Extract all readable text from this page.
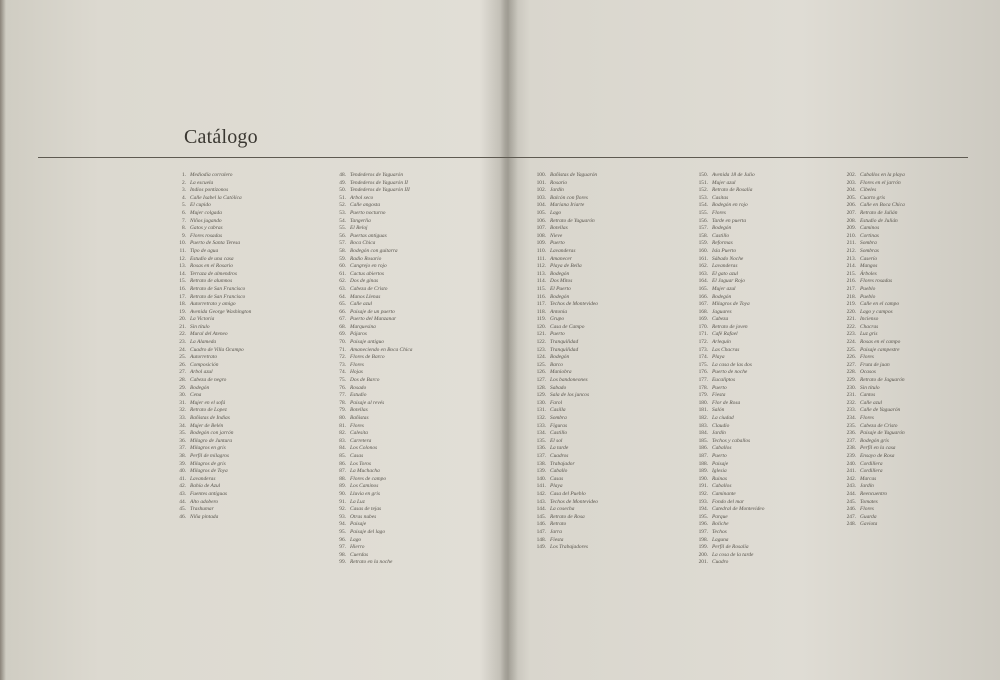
Catálogo
1. Mediodía corralero
2. La escuela
3. Indios pontizonos
4. Calle Isabel la Católica
5. El cupido
6. Mujer colgada
7. Niños jugando
8. Gatos y cabras
9. Flores rosadas
10. Puerto de Santa Teresa
11. Tipo de agua
12. Estudio de una casa
13. Rosas en el Rosario
14. Terraza de almendros
15. Retrato de alumnos
16. Retrato de San Francisco
17. Retrato de San Francisco
18. Autorretrato y amigo
19. Avenida George Washington
20. La Victoria
21. Sin título
22. Mural del Ateneo
23. La Alameda
24. Cuadro de Villa Ocampo
25. Autorretrato
26. Composición
27. Arbol azul
28. Cabeza de negro
29. Bodegón
30. Cena
31. Mujer en el sofá
32. Retrato de Lopez
33. Bañistas de Indias
34. Mujer de Belén
35. Bodegón con jarrón
36. Milagro de Juntura
37. Milagros en gris
38. Perfil de milagros
39. Milagros de gris
40. Milagros de Toya
41. Lavanderas
42. Bahía de Azul
43. Fuentes antiguas
44. Alto adobero
45. Trashumar
46. Niña pintada
48. Tendederos de Yaguarón
49. Tendederos de Yaguarón II
50. Tendederos de Yaguarón III
51. Arbol seco
52. Calle angosta
53. Puerto nocturno
54. Tangerlia
55. El Reloj
56. Puertas antiguas
57. Boca Chica
58. Bodegón con guitarra
59. Radio Rosario
60. Cangrejo en rojo
61. Cactus abiertos
62. Dos de ginas
63. Cabeza de Cristo
64. Manos Llenas
65. Calle azul
66. Paisaje de un puerto
67. Puerto del Manzanar
68. Marquesina
69. Pájaros
70. Paisaje antiguo
71. Amaneciendo en Boca Chica
72. Flores de Barco
73. Flores
74. Hojas
75. Dos de Barco
76. Rosado
77. Estudio
78. Paisaje al revés
79. Botellas
80. Bañistas
81. Flores
82. Calesita
83. Carretera
84. Los Colonos
85. Casas
86. Los Toros
87. La Muchacha
88. Flores de campo
89. Los Caminos
90. Lluvia en gris
91. La Luz
92. Casas de tejas
93. Otras nubes
94. Paisaje
95. Paisaje del lago
96. Lago
97. Hierro
98. Cuerdas
99. Retrato en la noche
100. Bañistas de Yaguarón
101. Rosario
102. Jardín
103. Balcón con flores
104. Mariana Iriarte
105. Lago
106. Retrato de Yaguarón
107. Botellas
108. Nieve
109. Puerto
110. Lavanderas
111. Amanecer
112. Playa de Bella
113. Bodegón
114. Dos Mitos
115. El Puerto
116. Bodegón
117. Techos de Montevideo
118. Antonia
119. Grupo
120. Casa de Campo
121. Puerto
122. Tranquilidad
123. Tranquilidad
124. Bodegón
125. Barco
126. Maniobra
127. Los bandoneones
128. Sabado
129. Sala de los juncos
130. Farol
131. Casilla
132. Sombra
133. Figuras
134. Castillo
135. El sol
136. La tarde
137. Cuadros
138. Trabajador
139. Caballo
140. Casas
141. Playa
142. Casa del Pueblo
143. Techos de Montevideo
144. La cosecha
145. Retrato de Rosa
146. Retrato
147. Jarra
148. Fiesta
149. Los Trabajadores
150. Avenida 18 de Julio
151. Mujer azul
152. Retrato de Rosalía
153. Casitas
154. Bodegón en rojo
155. Flores
156. Tarde en puerta
157. Bodegón
158. Castillo
159. Reformas
160. Isla Puerto
161. Sábado Noche
162. Lavanderas
163. El gato azul
164. El Jaguar Rojo
165. Mujer azul
166. Bodegón
167. Milagros de Toya
168. Jaguares
169. Cabeza
170. Retrato de joven
171. Café Rafael
172. Arlequín
173. Las Chacras
174. Playa
175. La casa de las dos
176. Puerto de noche
177. Eucaliptos
178. Puerto
179. Fiesta
180. Flor de Rosa
181. Salón
182. La ciudad
183. Claudio
184. Jardín
185. Techos y caballos
186. Caballos
187. Puerto
188. Paisaje
189. Iglesia
190. Ruinas
191. Caballos
192. Caminante
193. Fondo del mar
194. Catedral de Montevideo
195. Parque
196. Boliche
197. Techos
198. Laguna
199. Perfil de Rosalía
200. La cosa de la tarde
201. Cuadro
202. Caballos en la playa
203. Flores en el jarrón
204. Cibeles
205. Cuarto gris
206. Calle en Boca Chica
207. Retrato de Julián
208. Estudio de Julián
209. Caminos
210. Cortinas
211. Sombra
212. Sombras
213. Caserío
214. Mangos
215. Árboles
216. Flores rosadas
217. Pueblo
218. Pueblo
219. Calle en el campo
220. Lago y campos
221. Incienso
222. Chacras
223. Luz gris
224. Rosas en el campo
225. Paisaje campestre
226. Flores
227. Fruta de juan
228. Ocasos
229. Retrato de Jaguarón
230. Sin título
231. Cantos
232. Calle azul
233. Calle de Yaguarón
234. Flores
235. Cabeza de Cristo
236. Paisaje de Yaguarón
237. Bodegón gris
238. Perfil en la casa
239. Ensayo de Rosa
240. Cordillera
241. Cordillera
242. Marcas
243. Jardín
244. Reencuentro
245. Tomates
246. Flores
247. Guarda
248. Gaviota
